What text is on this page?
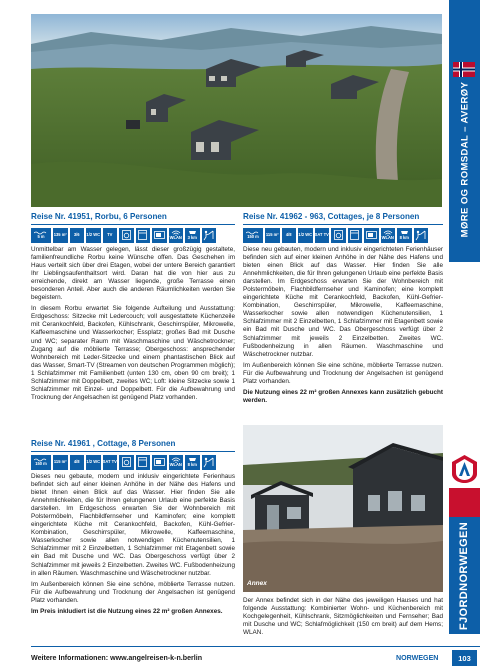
Reise Nr. 41951, Rorbu, 6 Personen
5 m 135 m² 3/6 1/2 WC TV
WLAN 3 km
Unmittelbar am Wasser gelegen, lässt dieser großzügig gestaltete, familienfreundliche Rorbu keine Wünsche offen. Das Geschehen im Haus verteilt sich über drei Etagen, wobei der untere Bereich garantiert Ihr Lieblingsaufenthaltsort wird. Daran hat die von hier aus zu erreichende, direkt am Wasser liegende, große Terrasse einen besonderen Anteil. Aber auch die anderen Räumlichkeiten werden Sie begeistern.
In diesem Rorbu erwartet Sie folgende Aufteilung und Ausstattung: Erdgeschoss: Sitzecke mit Ledercouch; voll ausgestattete Küchenzeile mit Cerankochfeld, Backofen, Kühlschrank, Geschirrspüler, Mikrowelle, Kaffeemaschine und Wasserkocher; Essplatz; großes Bad mit Dusche und WC; separater Raum mit Waschmaschine und Wäschetrockner; Zugang auf die möblierte Terrasse; Obergeschoss: ansprechender Wohnbereich mit Leder-Sitzecke und einem phantastischen Blick auf das Wasser, Smart-TV (Streamen von deutschen Programmen möglich); 1 Schlafzimmer mit Familienbett (unten 130 cm, oben 90 cm breit); 1 Schlafzimmer mit Doppelbett, zweites WC; Loft: kleine Sitzecke sowie 1 Schlafzimmer mit Einzel- und Doppelbett. Für die Aufbewahrung und Trocknung der Angelsachen ist genügend Platz vorhanden.
Reise Nr. 41961 , Cottage, 8 Personen
150 m 115 m² 4/8 1/2 WC SAT TV
WLAN 8 km
Dieses neu gebaute, modern und inklusiv eingerichtete Ferienhaus befindet sich auf einer kleinen Anhöhe in der Nähe des Hafens und bietet Ihnen einen Blick auf das Wasser. Hier finden Sie alle Annehmlichkeiten, die für Ihren gelungenen Urlaub eine perfekte Basis darstellen. Im Erdgeschoss erwarten Sie der Wohnbereich mit Polstermöbeln, Flachbildfernseher und Kaminofen; eine komplett eingerichtete Küche mit Cerankochfeld, Backofen, Kühl-Gefrier-Kombination, Geschirrspüler, Mikrowelle, Kaffeemaschine, Wasserkocher sowie allen notwendigen Küchenutensilien, 1 Schlafzimmer mit 2 Einzelbetten, 1 Schlafzimmer mit Etagenbett sowie ein Bad mit Dusche und WC. Das Obergeschoss verfügt über 2 Schlafzimmer mit jeweils 2 Einzelbetten. Zweites WC. Fußbodenheizung in allen Räumen. Waschmaschine und Wäschetrockner nutzbar.
Im Außenbereich können Sie eine schöne, möblierte Terrasse nutzen. Für die Aufbewahrung und Trocknung der Angelsachen ist genügend Platz vorhanden.
Im Preis inkludiert ist die Nutzung eines 22 m² großen Annexes.
Reise Nr. 41962 - 963, Cottages, je 8 Personen
150 m 115 m² 4/8 1/2 WC SAT TV
WLAN 8 km
Diese neu gebauten, modern und inklusiv eingerichteten Ferienhäuser befinden sich auf einer kleinen Anhöhe in der Nähe des Hafens und bieten einen Blick auf das Wasser. Hier finden Sie alle Annehmlichkeiten, die für Ihren gelungenen Urlaub eine perfekte Basis darstellen. Im Erdgeschoss erwarten Sie der Wohnbereich mit Polstermöbeln, Flachbildfernseher und Kaminofen; eine komplett eingerichtete Küche mit Cerankochfeld, Backofen, Kühl-Gefrier-Kombination, Geschirrspüler, Mikrowelle, Kaffeemaschine, Wasserkocher sowie allen notwendigen Küchenutensilien, 1 Schlafzimmer mit 2 Einzelbetten, 1 Schlafzimmer mit Etagenbett sowie ein Bad mit Dusche und WC. Das Obergeschoss verfügt über 2 Schlafzimmer mit jeweils 2 Einzelbetten. Zweites WC. Fußbodenheizung in allen Räumen. Waschmaschine und Wäschetrockner nutzbar.
Im Außenbereich können Sie eine schöne, möblierte Terrasse nutzen. Für die Aufbewahrung und Trocknung der Angelsachen ist genügend Platz vorhanden.
Die Nutzung eines 22 m² großen Annexes kann zusätzlich gebucht werden.
Annex
Der Annex befindet sich in der Nähe des jeweiligen Hauses und hat folgende Ausstattung: Kombinierter Wohn- und Küchenbereich mit Kochgelegenheit, Kühlschrank, Sitzmöglichkeiten und Fernseher; Bad mit Dusche und WC; Schlafmöglichkeit (150 cm breit) auf dem Hems; WLAN.
MØRE OG ROMSDAL – AVERØY
FJORDNORWEGEN
Weitere Informationen: www.angelreisen-k-n.berlin	NORWEGEN	103
